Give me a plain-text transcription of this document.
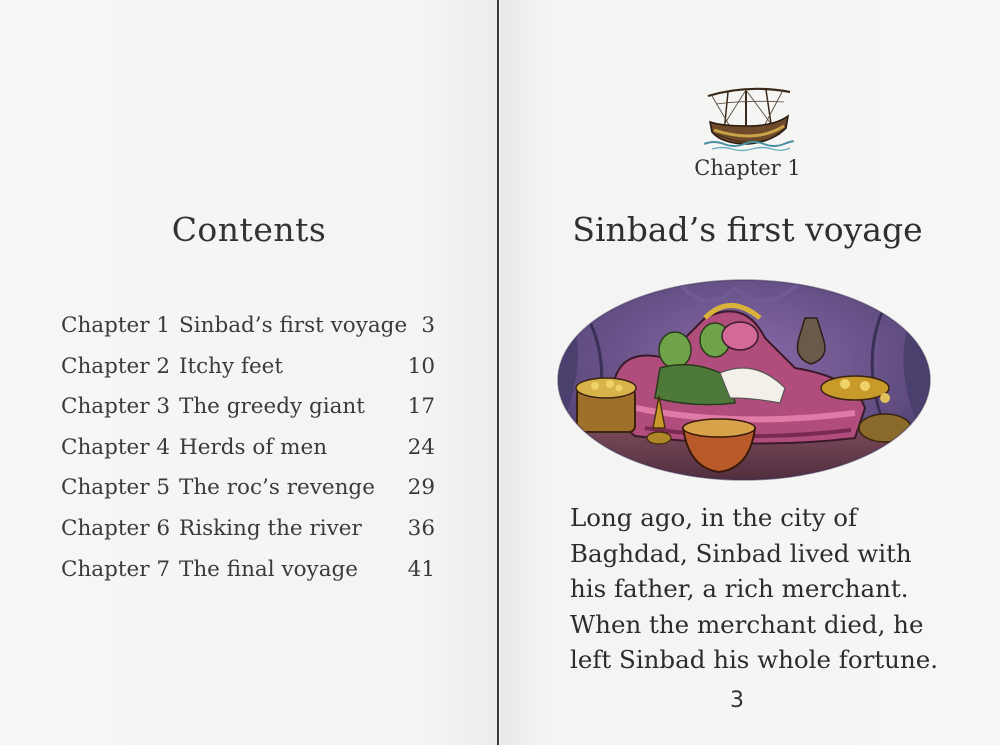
Contents
Chapter 1 Sinbad’s first voyage 3
Chapter 2 Itchy feet	10
Chapter 3 The greedy giant 17
Chapter 4 Herds of men	24
Chapter 5 The roc’s revenge 29
Chapter 6 Risking the river 36
Chapter 7 The final voyage 41
Chapter 1
Sinbad’s first voyage
Long ago, in the city of
Baghdad, Sinbad lived with
his father, a rich merchant.
When the merchant died, he
left Sinbad his whole fortune.
3
